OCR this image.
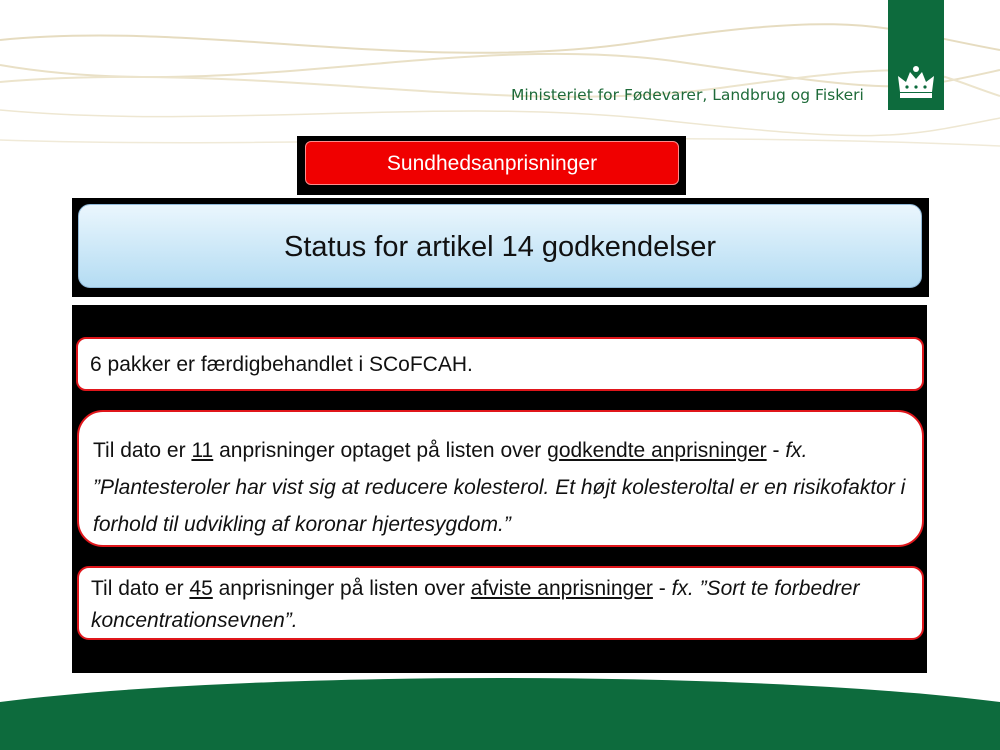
Ministeriet for Fødevarer, Landbrug og Fiskeri
Sundhedsanprisninger
Status for artikel 14 godkendelser
6 pakker er færdigbehandlet i SCoFCAH.
Til dato er 11 anprisninger optaget på listen over godkendte anprisninger - fx. ”Plantesteroler har vist sig at reducere kolesterol. Et højt kolesteroltal er en risikofaktor i forhold til udvikling af koronar hjertesygdom.”
Til dato er 45 anprisninger på listen over afviste anprisninger - fx. ”Sort te forbedrer koncentrationsevnen”.
